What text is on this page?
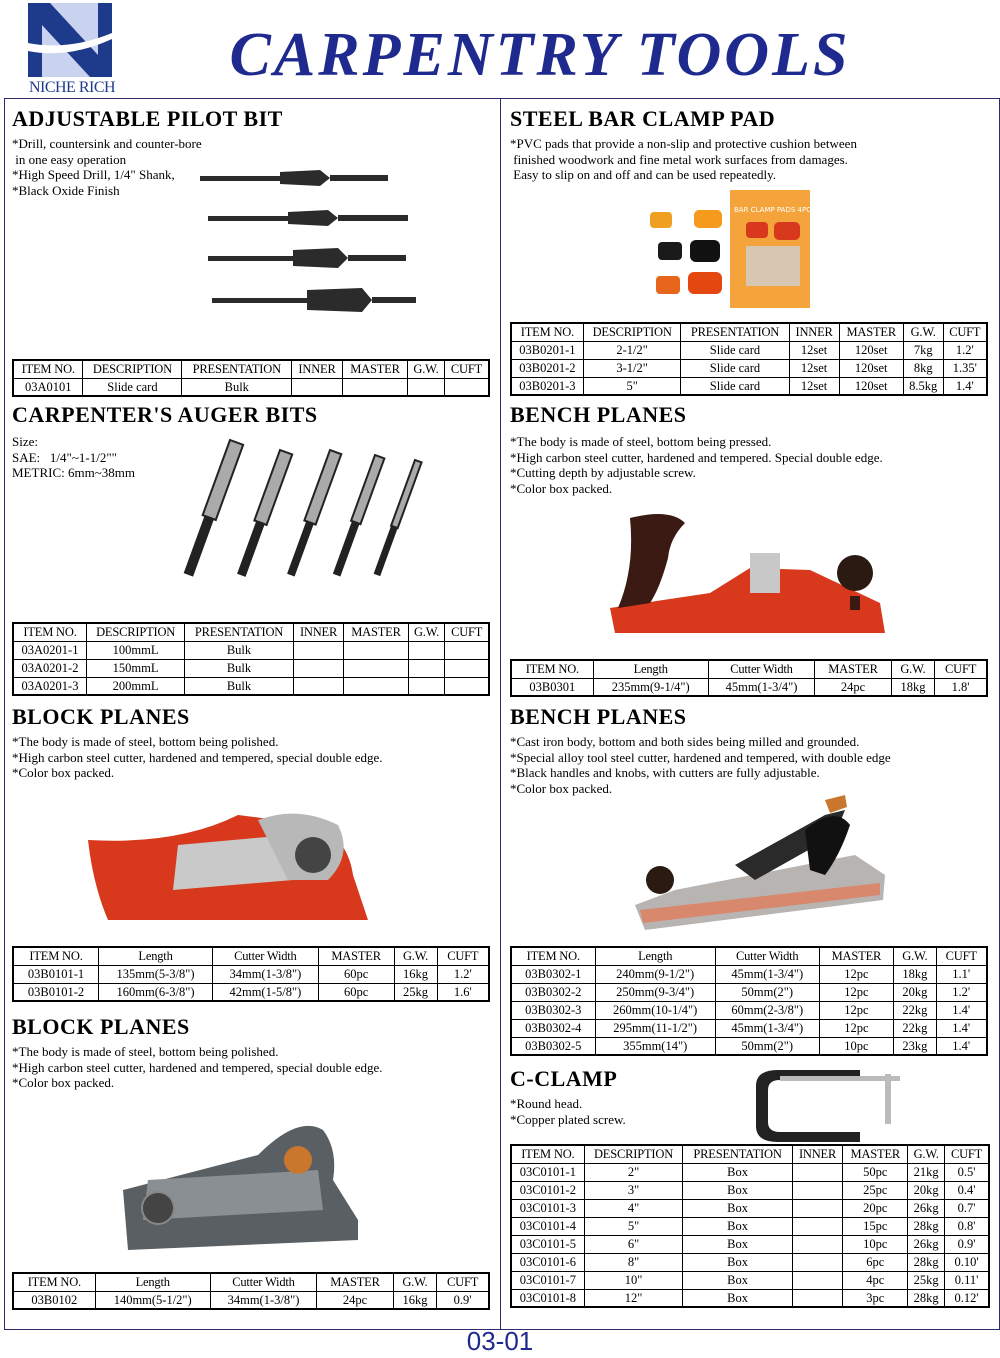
NICHE RICH	CARPENTRY TOOLS
ADJUSTABLE PILOT BIT
*Drill, countersink and counter-bore
in one easy operation
*High Speed Drill, 1/4" Shank,
*Black Oxide Finish
ITEM NO.	DESCRIPTION	PRESENTATION	INNER	MASTER	G.W.	CUFT
03A0101	Slide card	Bulk				
CARPENTER'S AUGER BITS
Size:
SAE:   1/4"~1-1/2""
METRIC: 6mm~38mm
ITEM NO.	DESCRIPTION	PRESENTATION	INNER	MASTER	G.W.	CUFT
03A0201-1	100mmL	Bulk				
03A0201-2	150mmL	Bulk				
03A0201-3	200mmL	Bulk				
BLOCK PLANES
*The body is made of steel, bottom being polished.
*High carbon steel cutter, hardened and tempered, special double edge.
*Color box packed.
ITEM NO.	Length	Cutter Width	MASTER	G.W.	CUFT
03B0101-1	135mm(5-3/8")	34mm(1-3/8")	60pc	16kg	1.2'
03B0101-2	160mm(6-3/8")	42mm(1-5/8")	60pc	25kg	1.6'
BLOCK PLANES
*The body is made of steel, bottom being polished.
*High carbon steel cutter, hardened and tempered, special double edge.
*Color box packed.
ITEM NO.	Length	Cutter Width	MASTER	G.W.	CUFT
03B0102	140mm(5-1/2")	34mm(1-3/8")	24pc	16kg	0.9'
STEEL BAR CLAMP PAD
*PVC pads that provide a non-slip and protective cushion between
finished woodwork and fine metal work surfaces from damages.
Easy to slip on and off and can be used repeatedly.
BAR CLAMP PADS 4PC. SET
ITEM NO.	DESCRIPTION	PRESENTATION	INNER	MASTER	G.W.	CUFT
03B0201-1	2-1/2"	Slide card	12set	120set	7kg	1.2'
03B0201-2	3-1/2"	Slide card	12set	120set	8kg	1.35'
03B0201-3	5"	Slide card	12set	120set	8.5kg	1.4'
BENCH PLANES
*The body is made of steel, bottom being pressed.
*High carbon steel cutter, hardened and tempered. Special double edge.
*Cutting depth by adjustable screw.
*Color box packed.
ITEM NO.	Length	Cutter Width	MASTER	G.W.	CUFT
03B0301	235mm(9-1/4")	45mm(1-3/4")	24pc	18kg	1.8'
BENCH PLANES
*Cast iron body, bottom and both sides being milled and grounded.
*Special alloy tool steel cutter, hardened and tempered, with double edge
*Black handles and knobs, with cutters are fully adjustable.
*Color box packed.
ITEM NO.	Length	Cutter Width	MASTER	G.W.	CUFT
03B0302-1	240mm(9-1/2")	45mm(1-3/4")	12pc	18kg	1.1'
03B0302-2	250mm(9-3/4")	50mm(2")	12pc	20kg	1.2'
03B0302-3	260mm(10-1/4")	60mm(2-3/8")	12pc	22kg	1.4'
03B0302-4	295mm(11-1/2")	45mm(1-3/4")	12pc	22kg	1.4'
03B0302-5	355mm(14")	50mm(2")	10pc	23kg	1.4'
C-CLAMP
*Round head.
*Copper plated screw.
ITEM NO.	DESCRIPTION	PRESENTATION	INNER	MASTER	G.W.	CUFT
03C0101-1	2"	Box		50pc	21kg	0.5'
03C0101-2	3"	Box		25pc	20kg	0.4'
03C0101-3	4"	Box		20pc	26kg	0.7'
03C0101-4	5"	Box		15pc	28kg	0.8'
03C0101-5	6"	Box		10pc	26kg	0.9'
03C0101-6	8"	Box		6pc	28kg	0.10'
03C0101-7	10"	Box		4pc	25kg	0.11'
03C0101-8	12"	Box		3pc	28kg	0.12'
03-01
